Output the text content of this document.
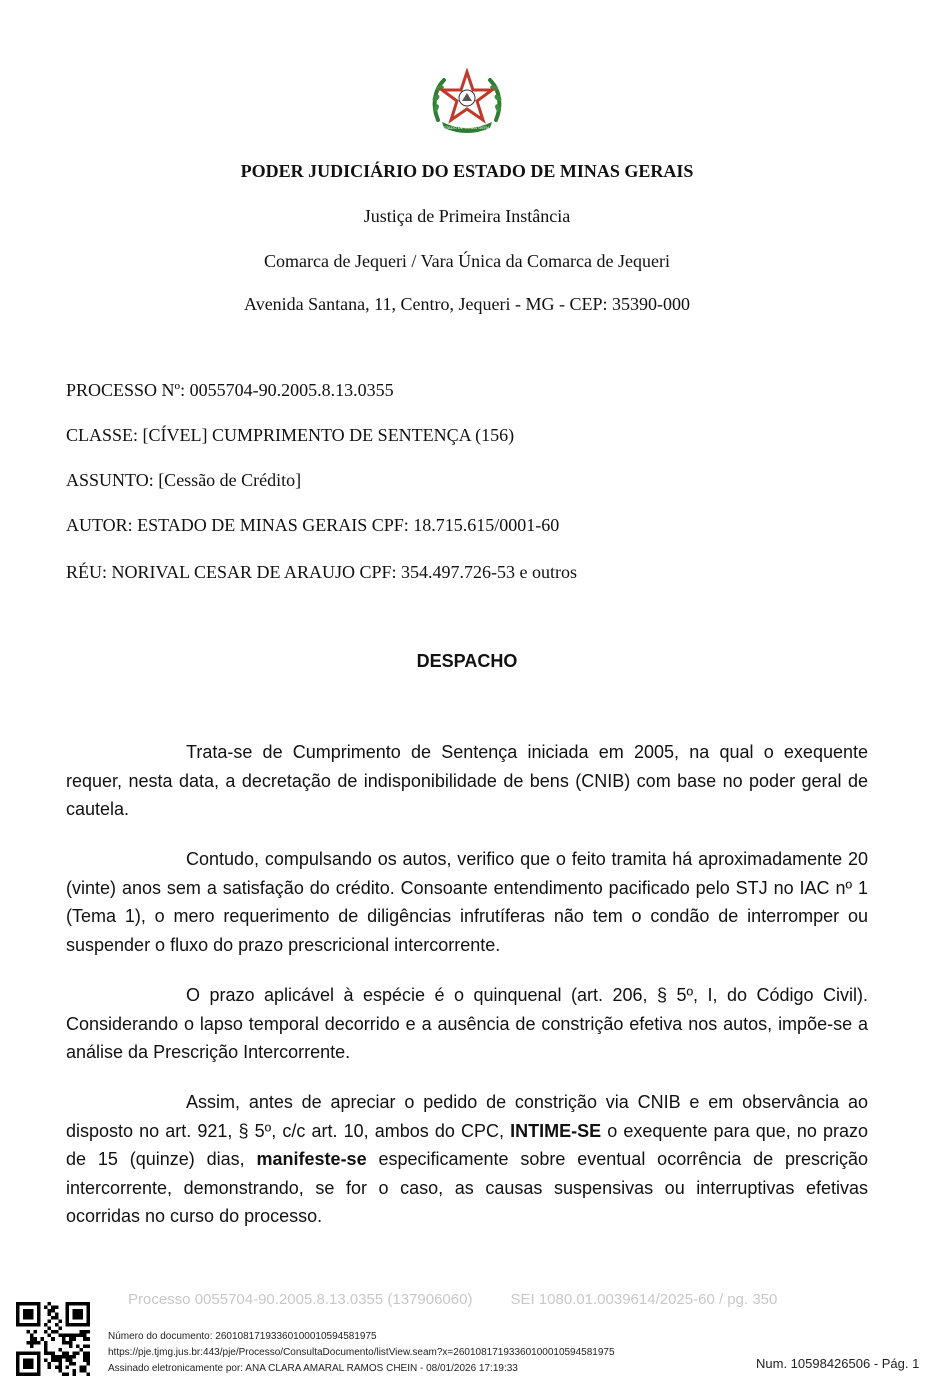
ESTADO DE MINAS GERAIS
PODER JUDICIÁRIO DO ESTADO DE MINAS GERAIS
Justiça de Primeira Instância
Comarca de Jequeri / Vara Única da Comarca de Jequeri
Avenida Santana, 11, Centro, Jequeri - MG - CEP: 35390-000
PROCESSO Nº: 0055704-90.2005.8.13.0355
CLASSE: [CÍVEL] CUMPRIMENTO DE SENTENÇA (156)
ASSUNTO: [Cessão de Crédito]
AUTOR: ESTADO DE MINAS GERAIS CPF: 18.715.615/0001-60
RÉU: NORIVAL CESAR DE ARAUJO CPF: 354.497.726-53 e outros
DESPACHO

Trata-se de Cumprimento de Sentença iniciada em 2005, na qual o exequente requer, nesta data, a decretação de indisponibilidade de bens (CNIB) com base no poder geral de cautela.

Contudo, compulsando os autos, verifico que o feito tramita há aproximadamente 20 (vinte) anos sem a satisfação do crédito. Consoante entendimento pacificado pelo STJ no IAC nº 1 (Tema 1), o mero requerimento de diligências infrutíferas não tem o condão de interromper ou suspender o fluxo do prazo prescricional intercorrente.

O prazo aplicável à espécie é o quinquenal (art. 206, § 5º, I, do Código Civil). Considerando o lapso temporal decorrido e a ausência de constrição efetiva nos autos, impõe-se a análise da Prescrição Intercorrente.

Assim, antes de apreciar o pedido de constrição via CNIB e em observância ao disposto no art. 921, § 5º, c/c art. 10, ambos do CPC, INTIME-SE o exequente para que, no prazo de 15 (quinze) dias, manifeste-se especificamente sobre eventual ocorrência de prescrição intercorrente, demonstrando, se for o caso, as causas suspensivas ou interruptivas efetivas ocorridas no curso do processo.

Processo 0055704-90.2005.8.13.0355 (137906060)	SEI 1080.01.0039614/2025-60 / pg. 350
Número do documento: 26010817193360100010594581975
https://pje.tjmg.jus.br:443/pje/Processo/ConsultaDocumento/listView.seam?x=26010817193360100010594581975
Assinado eletronicamente por: ANA CLARA AMARAL RAMOS CHEIN - 08/01/2026 17:19:33	Num. 10598426506 - Pág. 1
